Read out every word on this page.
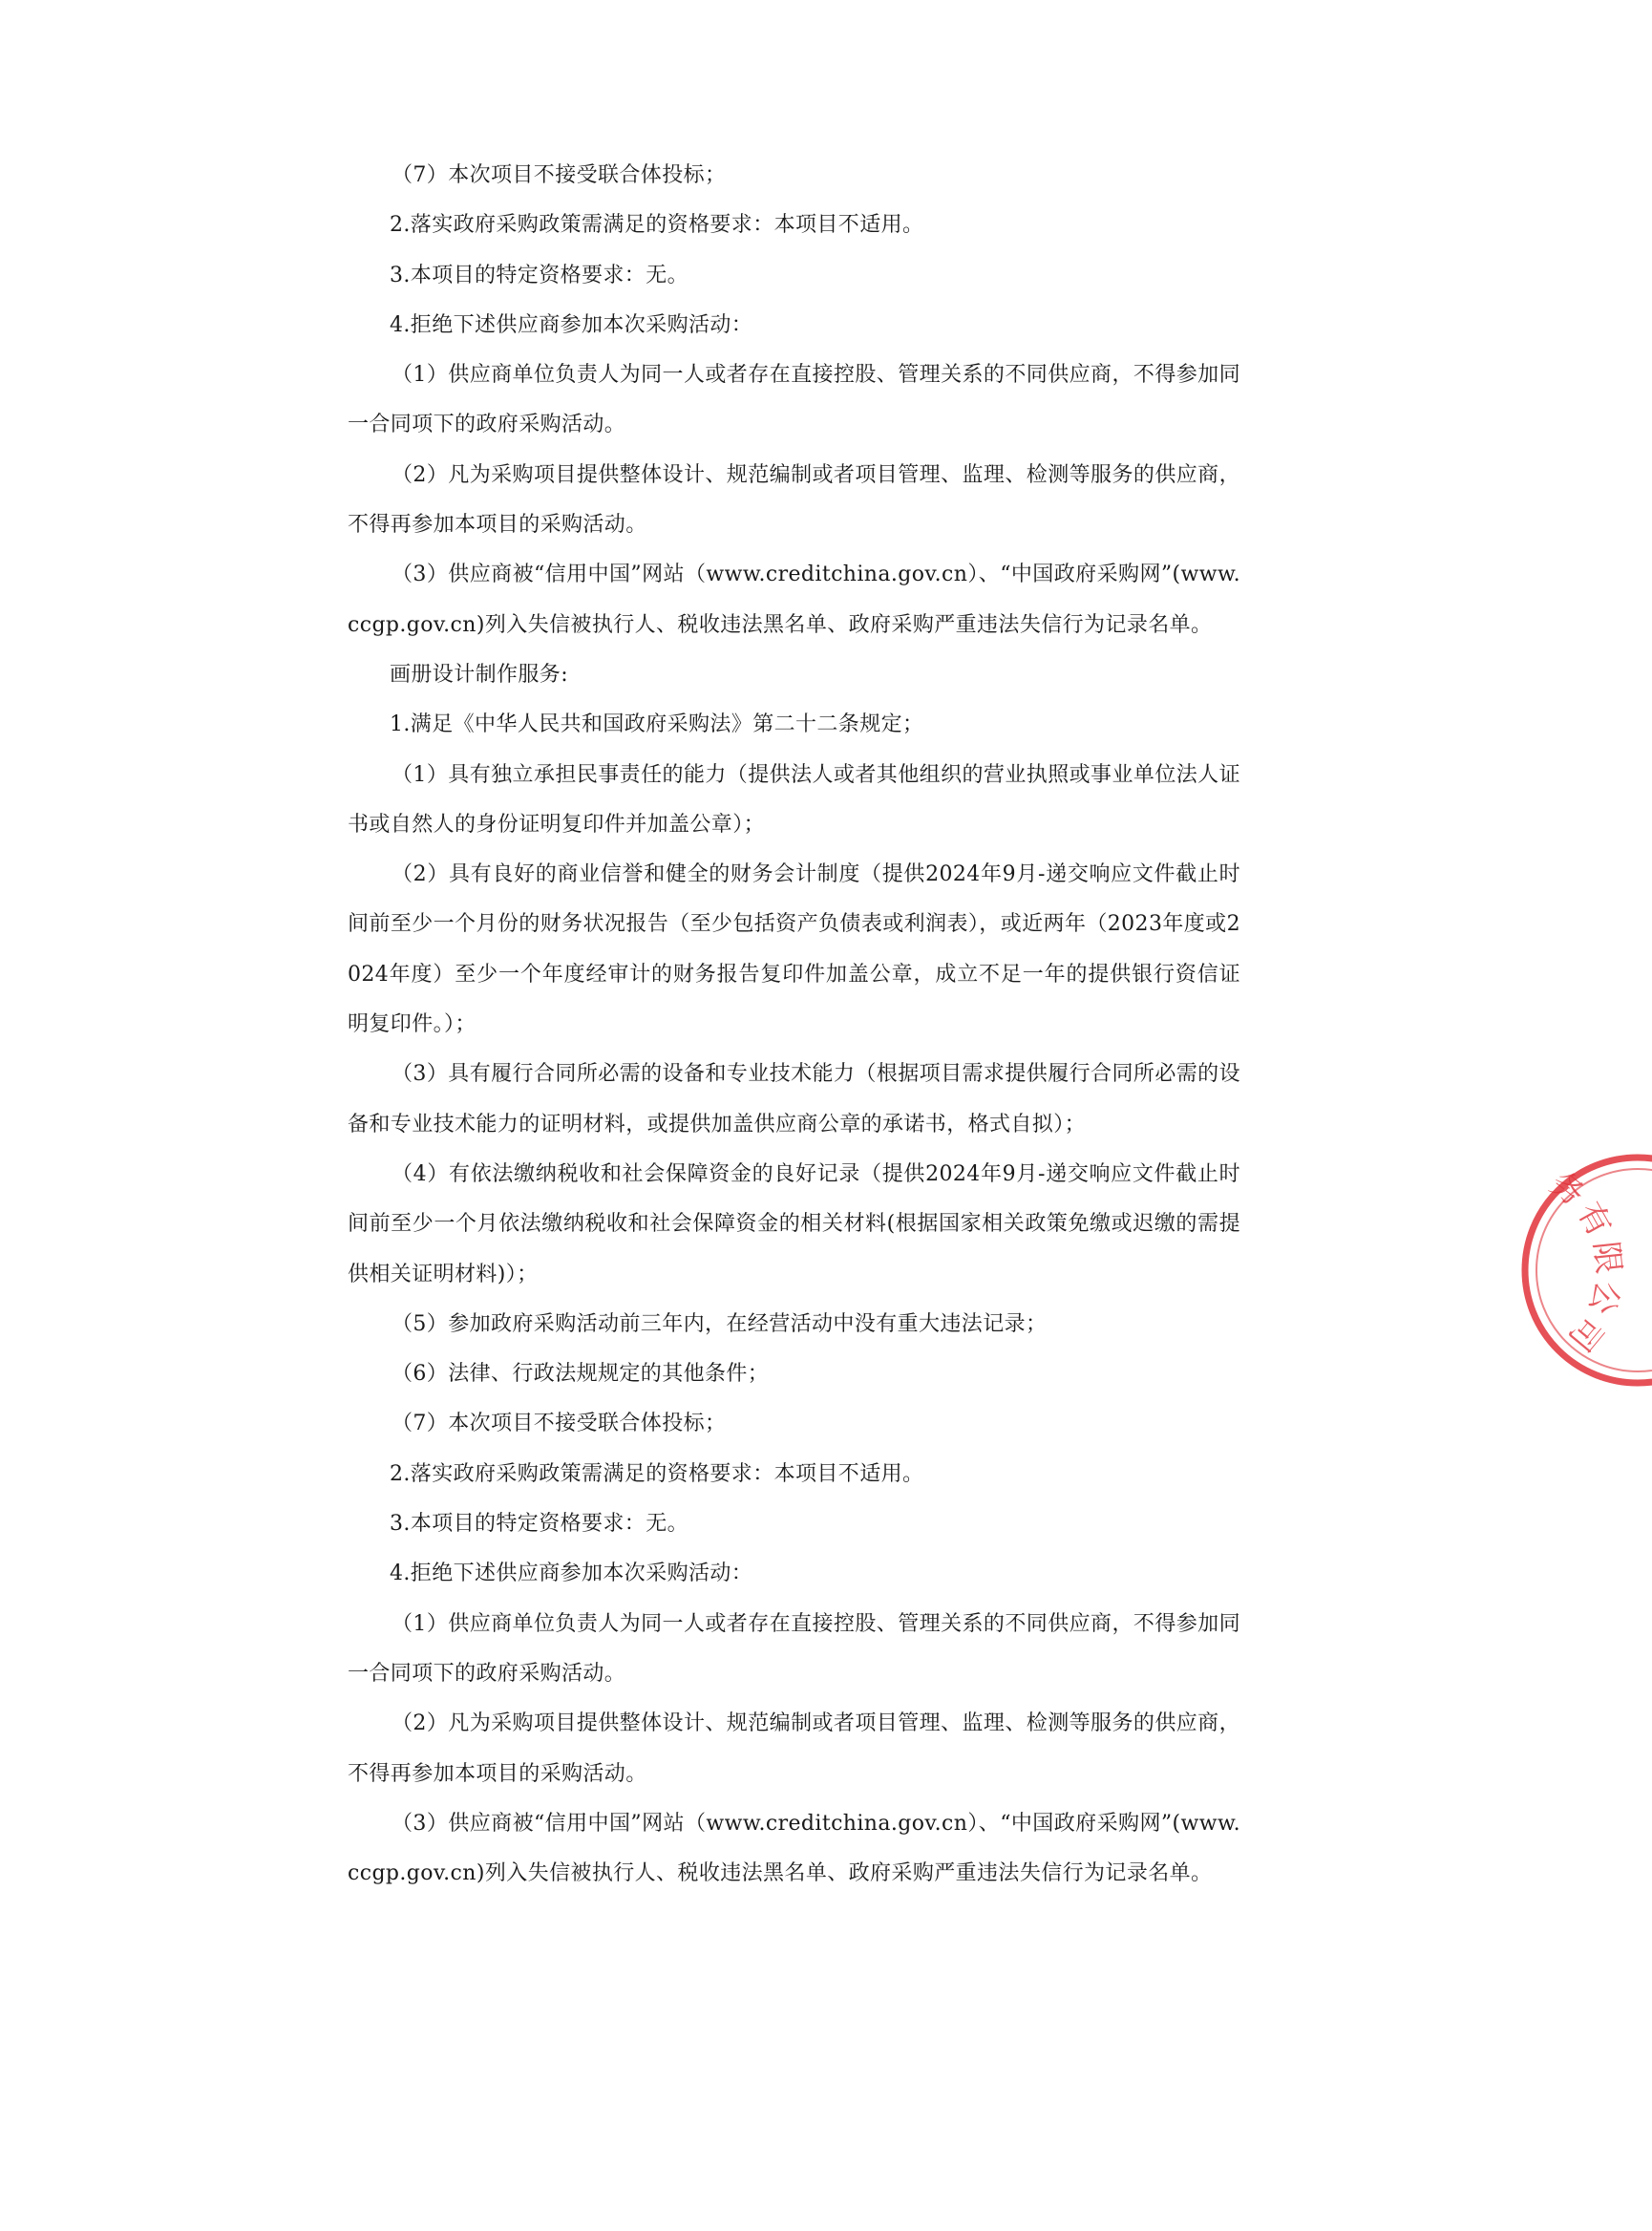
（7）本次项目不接受联合体投标；

2.落实政府采购政策需满足的资格要求：本项目不适用。

3.本项目的特定资格要求：无。

4.拒绝下述供应商参加本次采购活动：

（1）供应商单位负责人为同一人或者存在直接控股、管理关系的不同供应商，不得参加同一合同项下的政府采购活动。

（2）凡为采购项目提供整体设计、规范编制或者项目管理、监理、检测等服务的供应商，不得再参加本项目的采购活动。

（3）供应商被“信用中国”网站（www.creditchina.gov.cn）、“中国政府采购网”(www.ccgp.gov.cn)列入失信被执行人、税收违法黑名单、政府采购严重违法失信行为记录名单。

画册设计制作服务:

1.满足《中华人民共和国政府采购法》第二十二条规定；

（1）具有独立承担民事责任的能力（提供法人或者其他组织的营业执照或事业单位法人证书或自然人的身份证明复印件并加盖公章）；

（2）具有良好的商业信誉和健全的财务会计制度（提供2024年9月-递交响应文件截止时间前至少一个月份的财务状况报告（至少包括资产负债表或利润表），或近两年（2023年度或2024年度）至少一个年度经审计的财务报告复印件加盖公章，成立不足一年的提供银行资信证明复印件。）；

（3）具有履行合同所必需的设备和专业技术能力（根据项目需求提供履行合同所必需的设备和专业技术能力的证明材料，或提供加盖供应商公章的承诺书，格式自拟）；

（4）有依法缴纳税收和社会保障资金的良好记录（提供2024年9月-递交响应文件截止时间前至少一个月依法缴纳税收和社会保障资金的相关材料(根据国家相关政策免缴或迟缴的需提供相关证明材料)）；

（5）参加政府采购活动前三年内，在经营活动中没有重大违法记录；

（6）法律、行政法规规定的其他条件；

（7）本次项目不接受联合体投标；

2.落实政府采购政策需满足的资格要求：本项目不适用。

3.本项目的特定资格要求：无。

4.拒绝下述供应商参加本次采购活动：

（1）供应商单位负责人为同一人或者存在直接控股、管理关系的不同供应商，不得参加同一合同项下的政府采购活动。

（2）凡为采购项目提供整体设计、规范编制或者项目管理、监理、检测等服务的供应商，不得再参加本项目的采购活动。

（3）供应商被“信用中国”网站（www.creditchina.gov.cn）、“中国政府采购网”(www.ccgp.gov.cn)列入失信被执行人、税收违法黑名单、政府采购严重违法失信行为记录名单。

务有限公司
